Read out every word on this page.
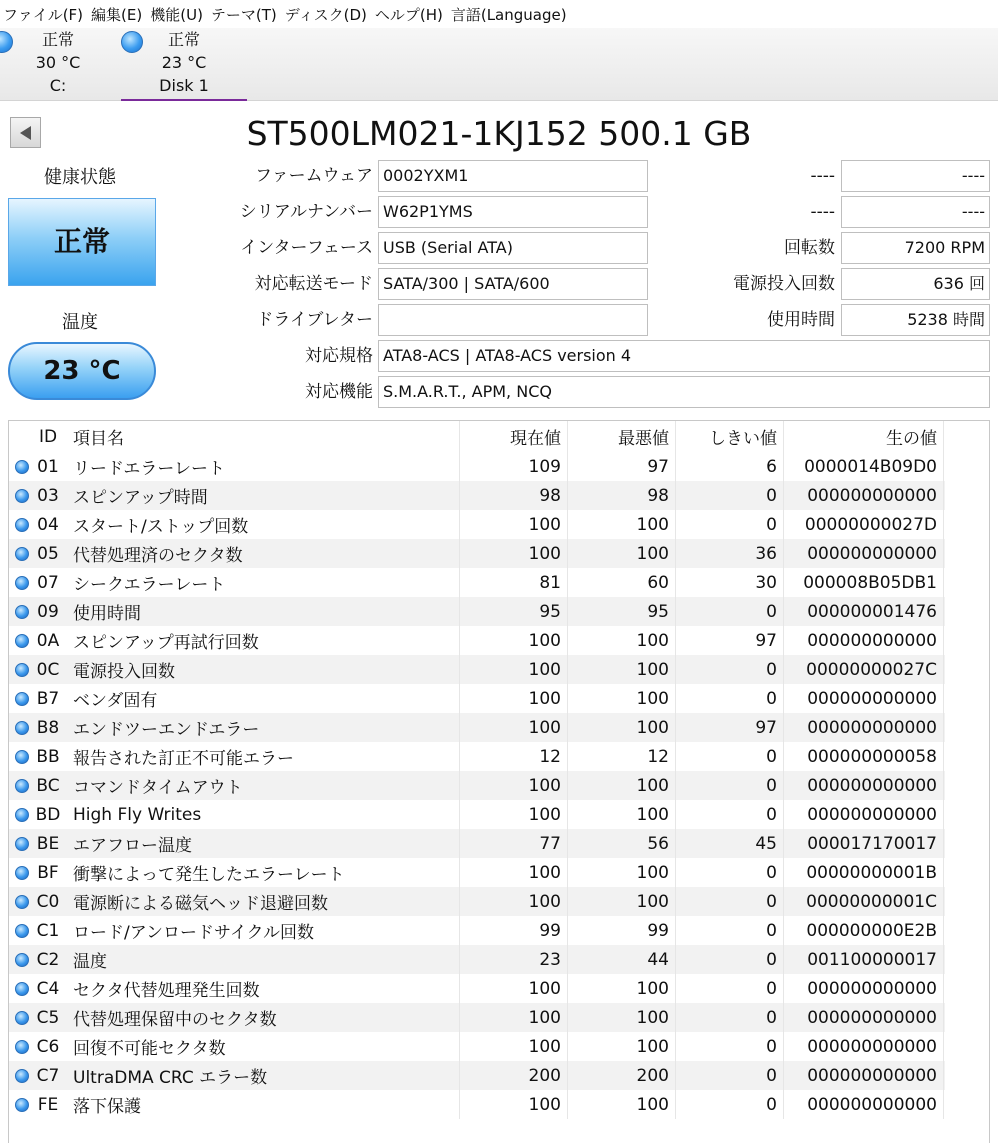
ファイル(F) 編集(E) 機能(U) テーマ(T) ディスク(D) ヘルプ(H) 言語(Language)
正常
30 °C
C:
正常
23 °C
Disk 1
ST500LM021-1KJ152 500.1 GB
健康状態
正常
温度
23 °C
ファームウェア 0002YXM1
シリアルナンバー W62P1YMS
インターフェース USB (Serial ATA)
対応転送モード SATA/300 | SATA/600
ドライブレター
対応規格 ATA8-ACS | ATA8-ACS version 4
対応機能 S.M.A.R.T., APM, NCQ
----	----
----	----
回転数	7200 RPM
電源投入回数	636 回
使用時間	5238 時間
	ID	項目名	現在値	最悪値	しきい値	生の値	
	01	リードエラーレート	109	97	6	0000014B09D0	
	03	スピンアップ時間	98	98	0	000000000000	
	04	スタート/ストップ回数	100	100	0	00000000027D	
	05	代替処理済のセクタ数	100	100	36	000000000000	
	07	シークエラーレート	81	60	30	000008B05DB1	
	09	使用時間	95	95	0	000000001476	
	0A	スピンアップ再試行回数	100	100	97	000000000000	
	0C	電源投入回数	100	100	0	00000000027C	
	B7	ベンダ固有	100	100	0	000000000000	
	B8	エンドツーエンドエラー	100	100	97	000000000000	
	BB	報告された訂正不可能エラー	12	12	0	000000000058	
	BC	コマンドタイムアウト	100	100	0	000000000000	
	BD	High Fly Writes	100	100	0	000000000000	
	BE	エアフロー温度	77	56	45	000017170017	
	BF	衝撃によって発生したエラーレート	100	100	0	00000000001B	
	C0	電源断による磁気ヘッド退避回数	100	100	0	00000000001C	
	C1	ロード/アンロードサイクル回数	99	99	0	000000000E2B	
	C2	温度	23	44	0	001100000017	
	C4	セクタ代替処理発生回数	100	100	0	000000000000	
	C5	代替処理保留中のセクタ数	100	100	0	000000000000	
	C6	回復不可能セクタ数	100	100	0	000000000000	
	C7	UltraDMA CRC エラー数	200	200	0	000000000000	
	FE	落下保護	100	100	0	000000000000	
